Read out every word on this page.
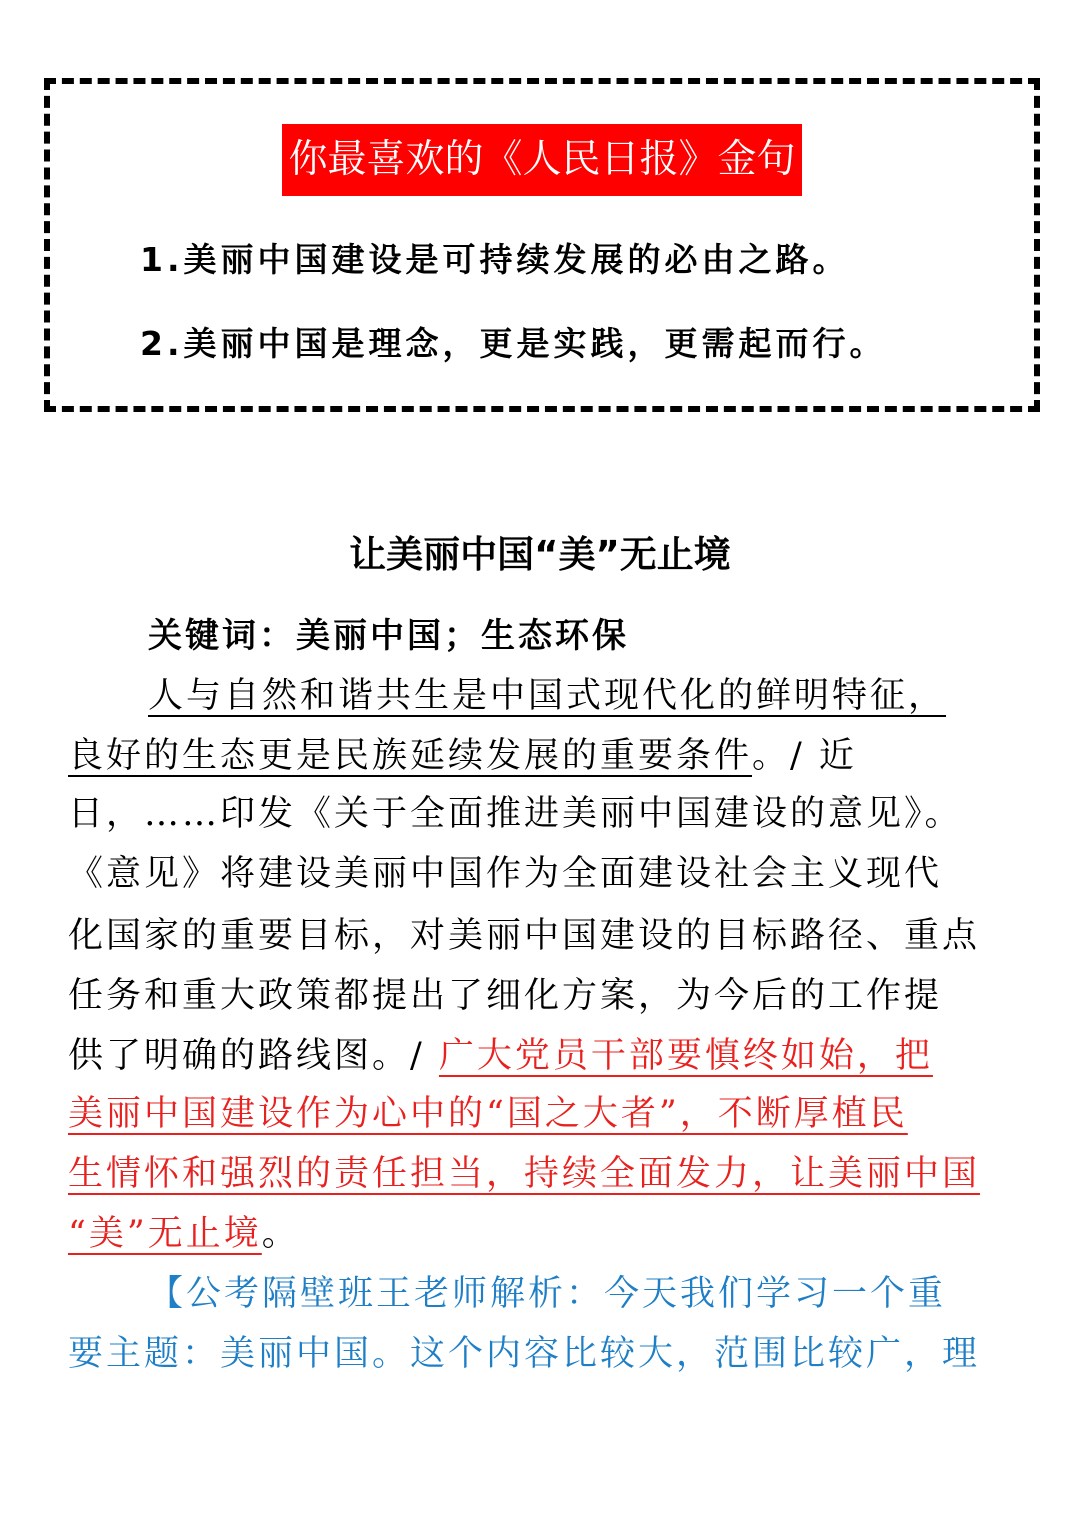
你最喜欢的《人民日报》金句
1.美丽中国建设是可持续发展的必由之路。
2.美丽中国是理念，更是实践，更需起而行。
让美丽中国“美”无止境
关键词：美丽中国；生态环保
人与自然和谐共生是中国式现代化的鲜明特征，
良好的生态更是民族延续发展的重要条件。/ 近
日，……印发《关于全面推进美丽中国建设的意见》。
《意见》将建设美丽中国作为全面建设社会主义现代
化国家的重要目标，对美丽中国建设的目标路径、重点
任务和重大政策都提出了细化方案，为今后的工作提
供了明确的路线图。/ 广大党员干部要慎终如始，把
美丽中国建设作为心中的“国之大者”，不断厚植民
生情怀和强烈的责任担当，持续全面发力，让美丽中国
“美”无止境。
【公考隔壁班王老师解析：今天我们学习一个重
要主题：美丽中国。这个内容比较大，范围比较广，理
